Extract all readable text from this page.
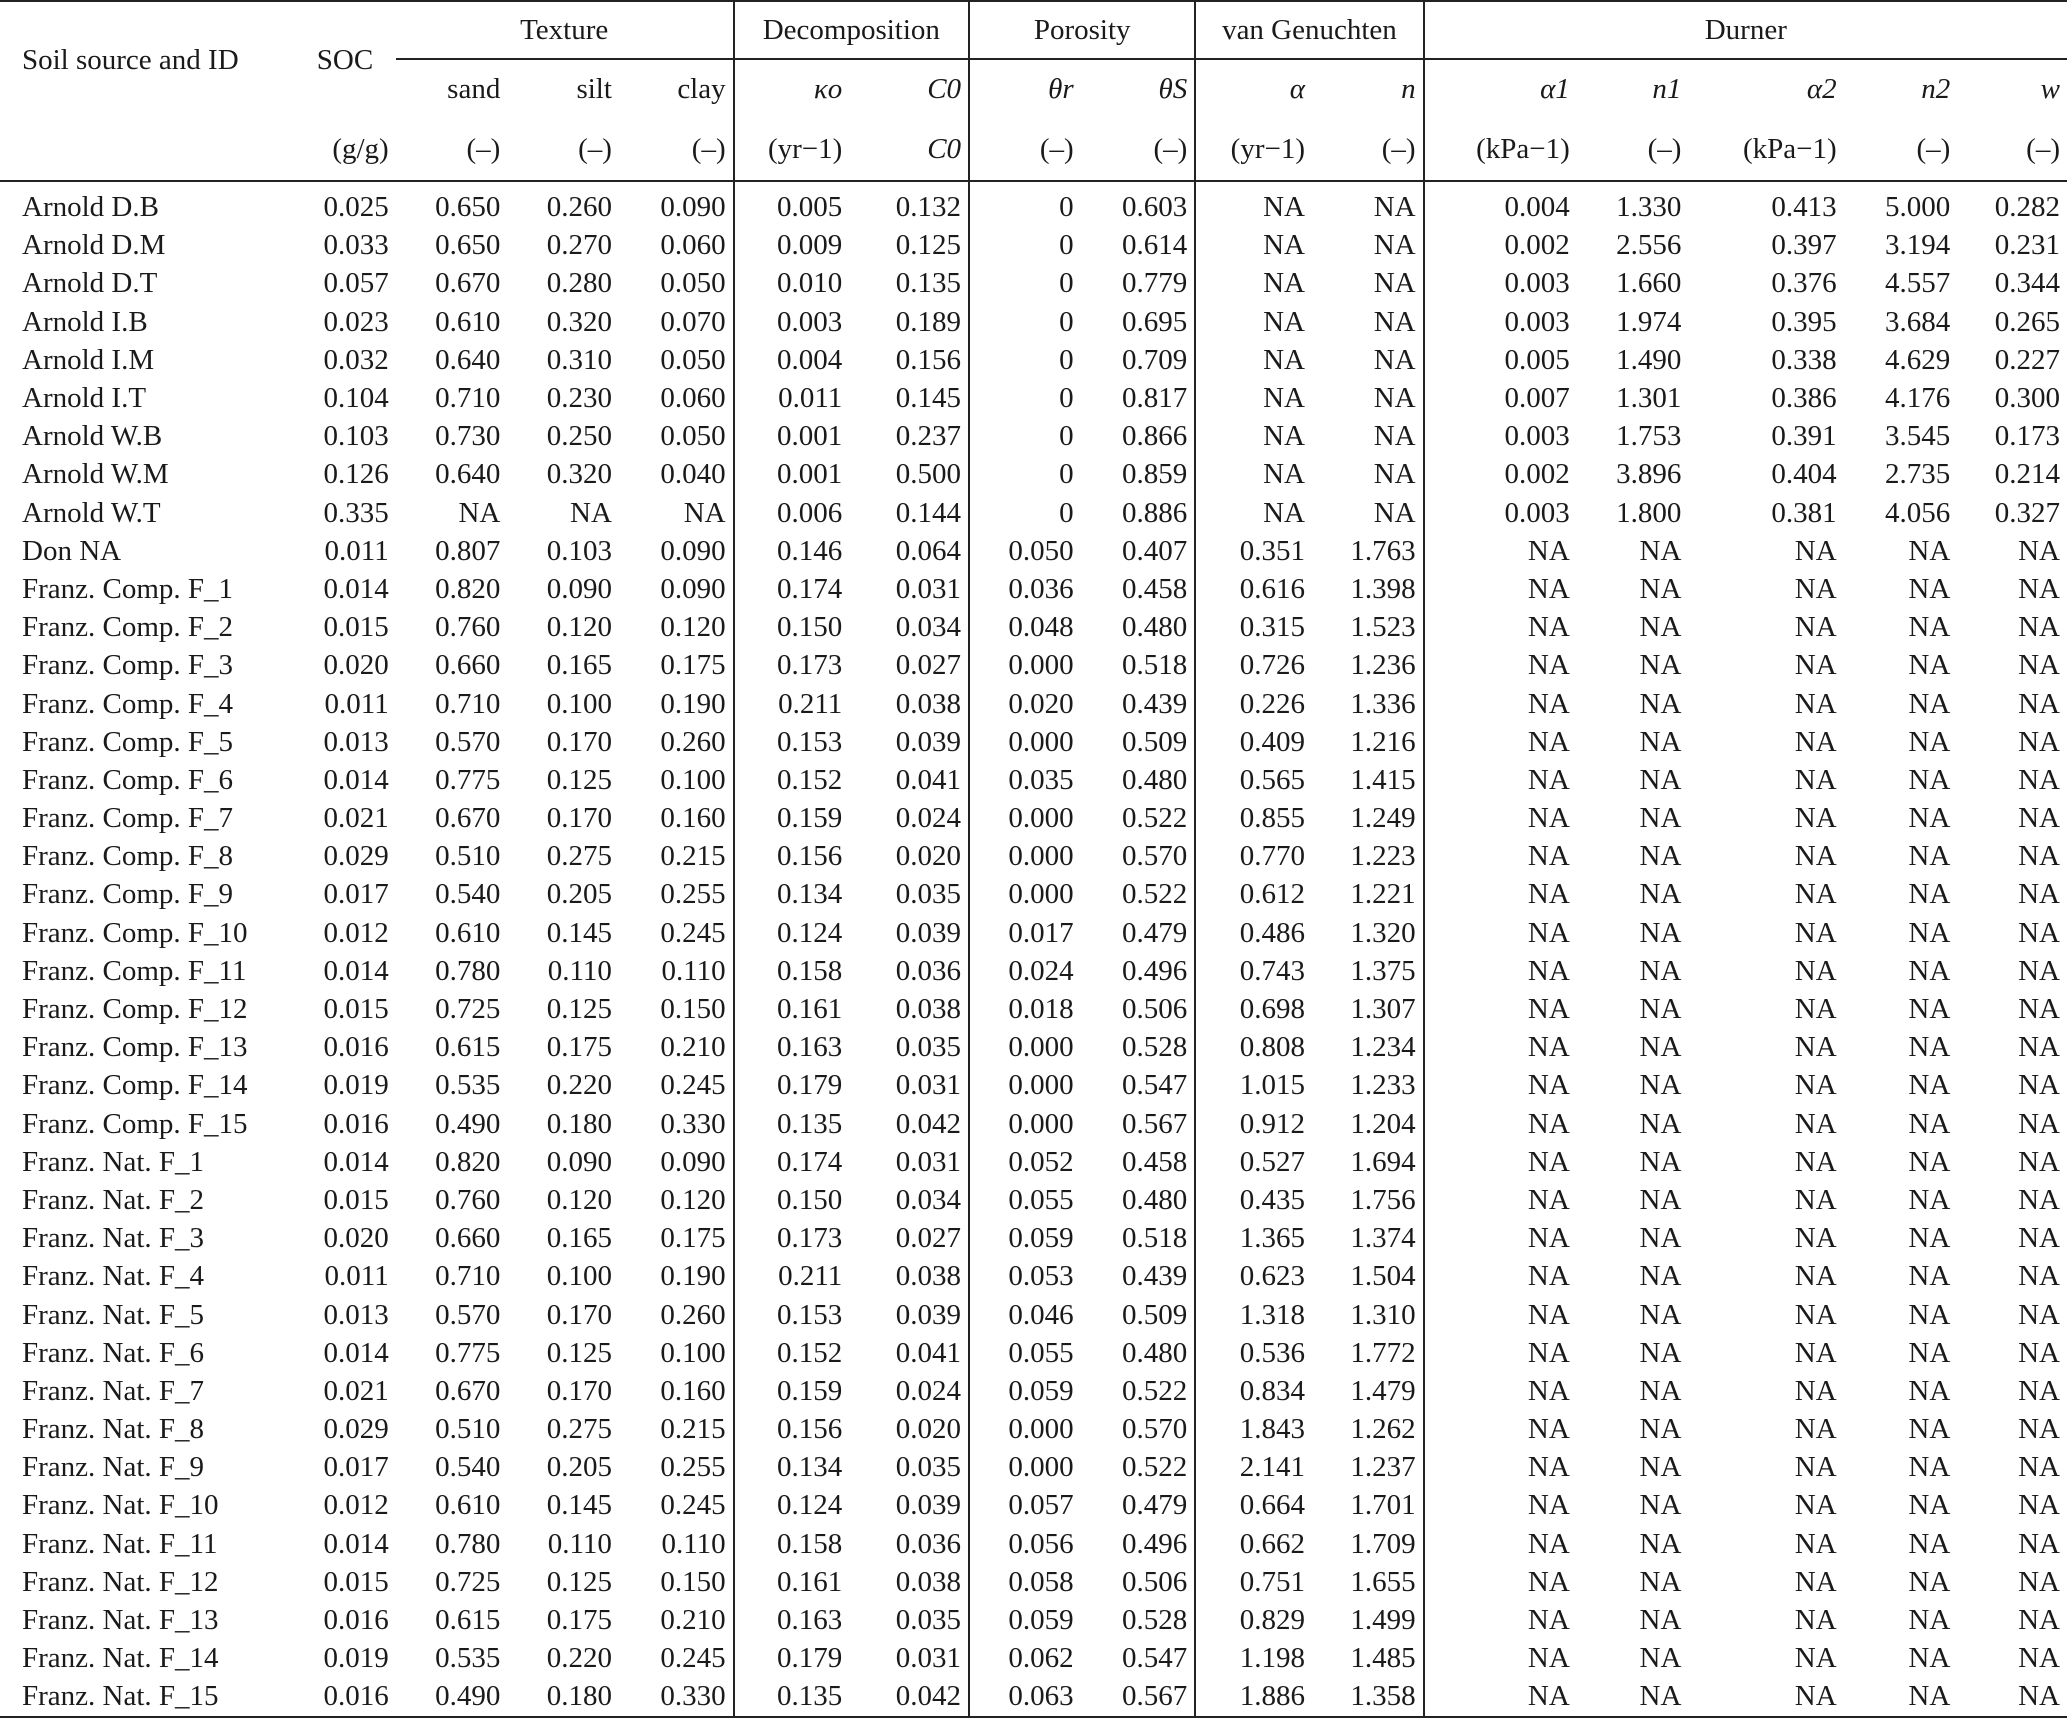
Soil source and ID	SOC	Texture			Decomposition		Porosity		van Genuchten		Durner				
		sand	silt	clay	κo	C0	θr	θS	α	n	α1	n1	α2	n2	w
	(g/g)	(–)	(–)	(–)	(yr−1)	C0	(–)	(–)	(yr−1)	(–)	(kPa−1)	(–)	(kPa−1)	(–)	(–)
Arnold D.B	0.025	0.650	0.260	0.090	0.005	0.132	0	0.603	NA	NA	0.004	1.330	0.413	5.000	0.282
Arnold D.M	0.033	0.650	0.270	0.060	0.009	0.125	0	0.614	NA	NA	0.002	2.556	0.397	3.194	0.231
Arnold D.T	0.057	0.670	0.280	0.050	0.010	0.135	0	0.779	NA	NA	0.003	1.660	0.376	4.557	0.344
Arnold I.B	0.023	0.610	0.320	0.070	0.003	0.189	0	0.695	NA	NA	0.003	1.974	0.395	3.684	0.265
Arnold I.M	0.032	0.640	0.310	0.050	0.004	0.156	0	0.709	NA	NA	0.005	1.490	0.338	4.629	0.227
Arnold I.T	0.104	0.710	0.230	0.060	0.011	0.145	0	0.817	NA	NA	0.007	1.301	0.386	4.176	0.300
Arnold W.B	0.103	0.730	0.250	0.050	0.001	0.237	0	0.866	NA	NA	0.003	1.753	0.391	3.545	0.173
Arnold W.M	0.126	0.640	0.320	0.040	0.001	0.500	0	0.859	NA	NA	0.002	3.896	0.404	2.735	0.214
Arnold W.T	0.335	NA	NA	NA	0.006	0.144	0	0.886	NA	NA	0.003	1.800	0.381	4.056	0.327
Don NA	0.011	0.807	0.103	0.090	0.146	0.064	0.050	0.407	0.351	1.763	NA	NA	NA	NA	NA
Franz. Comp. F_1	0.014	0.820	0.090	0.090	0.174	0.031	0.036	0.458	0.616	1.398	NA	NA	NA	NA	NA
Franz. Comp. F_2	0.015	0.760	0.120	0.120	0.150	0.034	0.048	0.480	0.315	1.523	NA	NA	NA	NA	NA
Franz. Comp. F_3	0.020	0.660	0.165	0.175	0.173	0.027	0.000	0.518	0.726	1.236	NA	NA	NA	NA	NA
Franz. Comp. F_4	0.011	0.710	0.100	0.190	0.211	0.038	0.020	0.439	0.226	1.336	NA	NA	NA	NA	NA
Franz. Comp. F_5	0.013	0.570	0.170	0.260	0.153	0.039	0.000	0.509	0.409	1.216	NA	NA	NA	NA	NA
Franz. Comp. F_6	0.014	0.775	0.125	0.100	0.152	0.041	0.035	0.480	0.565	1.415	NA	NA	NA	NA	NA
Franz. Comp. F_7	0.021	0.670	0.170	0.160	0.159	0.024	0.000	0.522	0.855	1.249	NA	NA	NA	NA	NA
Franz. Comp. F_8	0.029	0.510	0.275	0.215	0.156	0.020	0.000	0.570	0.770	1.223	NA	NA	NA	NA	NA
Franz. Comp. F_9	0.017	0.540	0.205	0.255	0.134	0.035	0.000	0.522	0.612	1.221	NA	NA	NA	NA	NA
Franz. Comp. F_10	0.012	0.610	0.145	0.245	0.124	0.039	0.017	0.479	0.486	1.320	NA	NA	NA	NA	NA
Franz. Comp. F_11	0.014	0.780	0.110	0.110	0.158	0.036	0.024	0.496	0.743	1.375	NA	NA	NA	NA	NA
Franz. Comp. F_12	0.015	0.725	0.125	0.150	0.161	0.038	0.018	0.506	0.698	1.307	NA	NA	NA	NA	NA
Franz. Comp. F_13	0.016	0.615	0.175	0.210	0.163	0.035	0.000	0.528	0.808	1.234	NA	NA	NA	NA	NA
Franz. Comp. F_14	0.019	0.535	0.220	0.245	0.179	0.031	0.000	0.547	1.015	1.233	NA	NA	NA	NA	NA
Franz. Comp. F_15	0.016	0.490	0.180	0.330	0.135	0.042	0.000	0.567	0.912	1.204	NA	NA	NA	NA	NA
Franz. Nat. F_1	0.014	0.820	0.090	0.090	0.174	0.031	0.052	0.458	0.527	1.694	NA	NA	NA	NA	NA
Franz. Nat. F_2	0.015	0.760	0.120	0.120	0.150	0.034	0.055	0.480	0.435	1.756	NA	NA	NA	NA	NA
Franz. Nat. F_3	0.020	0.660	0.165	0.175	0.173	0.027	0.059	0.518	1.365	1.374	NA	NA	NA	NA	NA
Franz. Nat. F_4	0.011	0.710	0.100	0.190	0.211	0.038	0.053	0.439	0.623	1.504	NA	NA	NA	NA	NA
Franz. Nat. F_5	0.013	0.570	0.170	0.260	0.153	0.039	0.046	0.509	1.318	1.310	NA	NA	NA	NA	NA
Franz. Nat. F_6	0.014	0.775	0.125	0.100	0.152	0.041	0.055	0.480	0.536	1.772	NA	NA	NA	NA	NA
Franz. Nat. F_7	0.021	0.670	0.170	0.160	0.159	0.024	0.059	0.522	0.834	1.479	NA	NA	NA	NA	NA
Franz. Nat. F_8	0.029	0.510	0.275	0.215	0.156	0.020	0.000	0.570	1.843	1.262	NA	NA	NA	NA	NA
Franz. Nat. F_9	0.017	0.540	0.205	0.255	0.134	0.035	0.000	0.522	2.141	1.237	NA	NA	NA	NA	NA
Franz. Nat. F_10	0.012	0.610	0.145	0.245	0.124	0.039	0.057	0.479	0.664	1.701	NA	NA	NA	NA	NA
Franz. Nat. F_11	0.014	0.780	0.110	0.110	0.158	0.036	0.056	0.496	0.662	1.709	NA	NA	NA	NA	NA
Franz. Nat. F_12	0.015	0.725	0.125	0.150	0.161	0.038	0.058	0.506	0.751	1.655	NA	NA	NA	NA	NA
Franz. Nat. F_13	0.016	0.615	0.175	0.210	0.163	0.035	0.059	0.528	0.829	1.499	NA	NA	NA	NA	NA
Franz. Nat. F_14	0.019	0.535	0.220	0.245	0.179	0.031	0.062	0.547	1.198	1.485	NA	NA	NA	NA	NA
Franz. Nat. F_15	0.016	0.490	0.180	0.330	0.135	0.042	0.063	0.567	1.886	1.358	NA	NA	NA	NA	NA
